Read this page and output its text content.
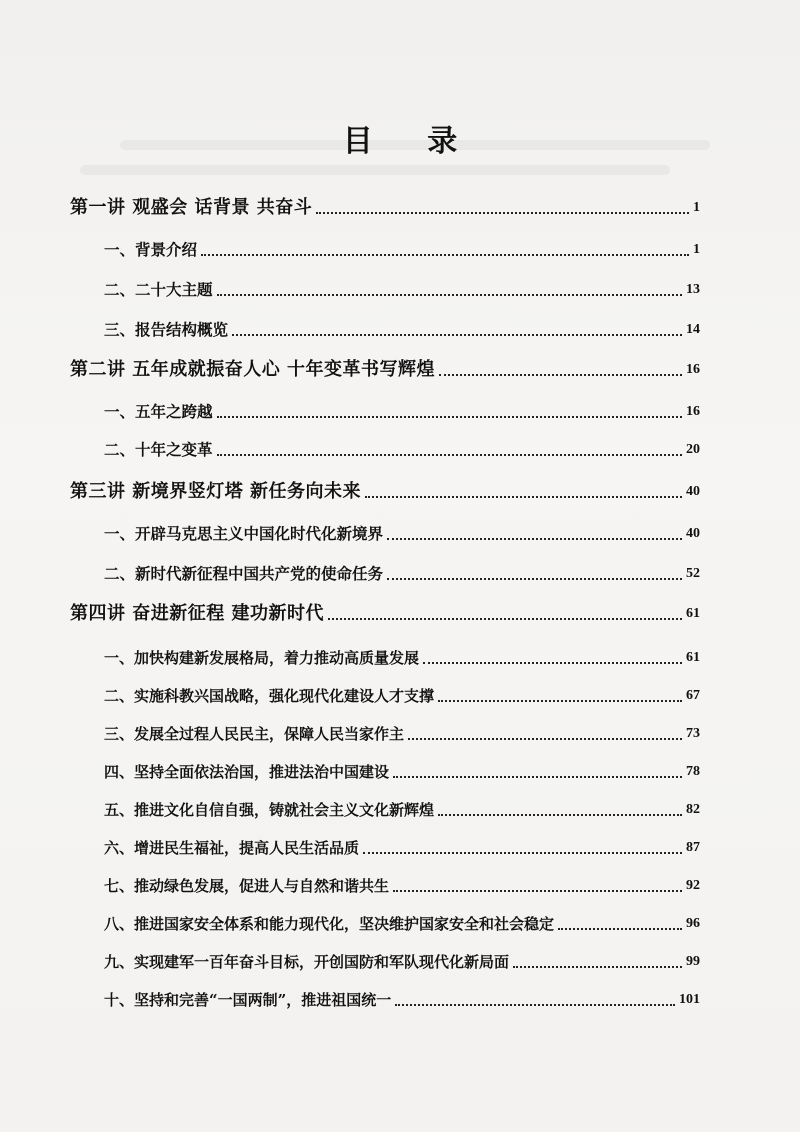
目 录
第一讲 观盛会 话背景 共奋斗	1
一、背景介绍	1
二、二十大主题	13
三、报告结构概览	14
第二讲 五年成就振奋人心 十年变革书写辉煌	16
一、五年之跨越	16
二、十年之变革	20
第三讲 新境界竖灯塔 新任务向未来	40
一、开辟马克思主义中国化时代化新境界	40
二、新时代新征程中国共产党的使命任务	52
第四讲 奋进新征程 建功新时代	61
一、加快构建新发展格局，着力推动高质量发展	61
二、实施科教兴国战略，强化现代化建设人才支撑	67
三、发展全过程人民民主，保障人民当家作主	73
四、坚持全面依法治国，推进法治中国建设	78
五、推进文化自信自强，铸就社会主义文化新辉煌	82
六、增进民生福祉，提高人民生活品质	87
七、推动绿色发展，促进人与自然和谐共生	92
八、推进国家安全体系和能力现代化，坚决维护国家安全和社会稳定	96
九、实现建军一百年奋斗目标，开创国防和军队现代化新局面	99
十、坚持和完善“一国两制”，推进祖国统一	101
